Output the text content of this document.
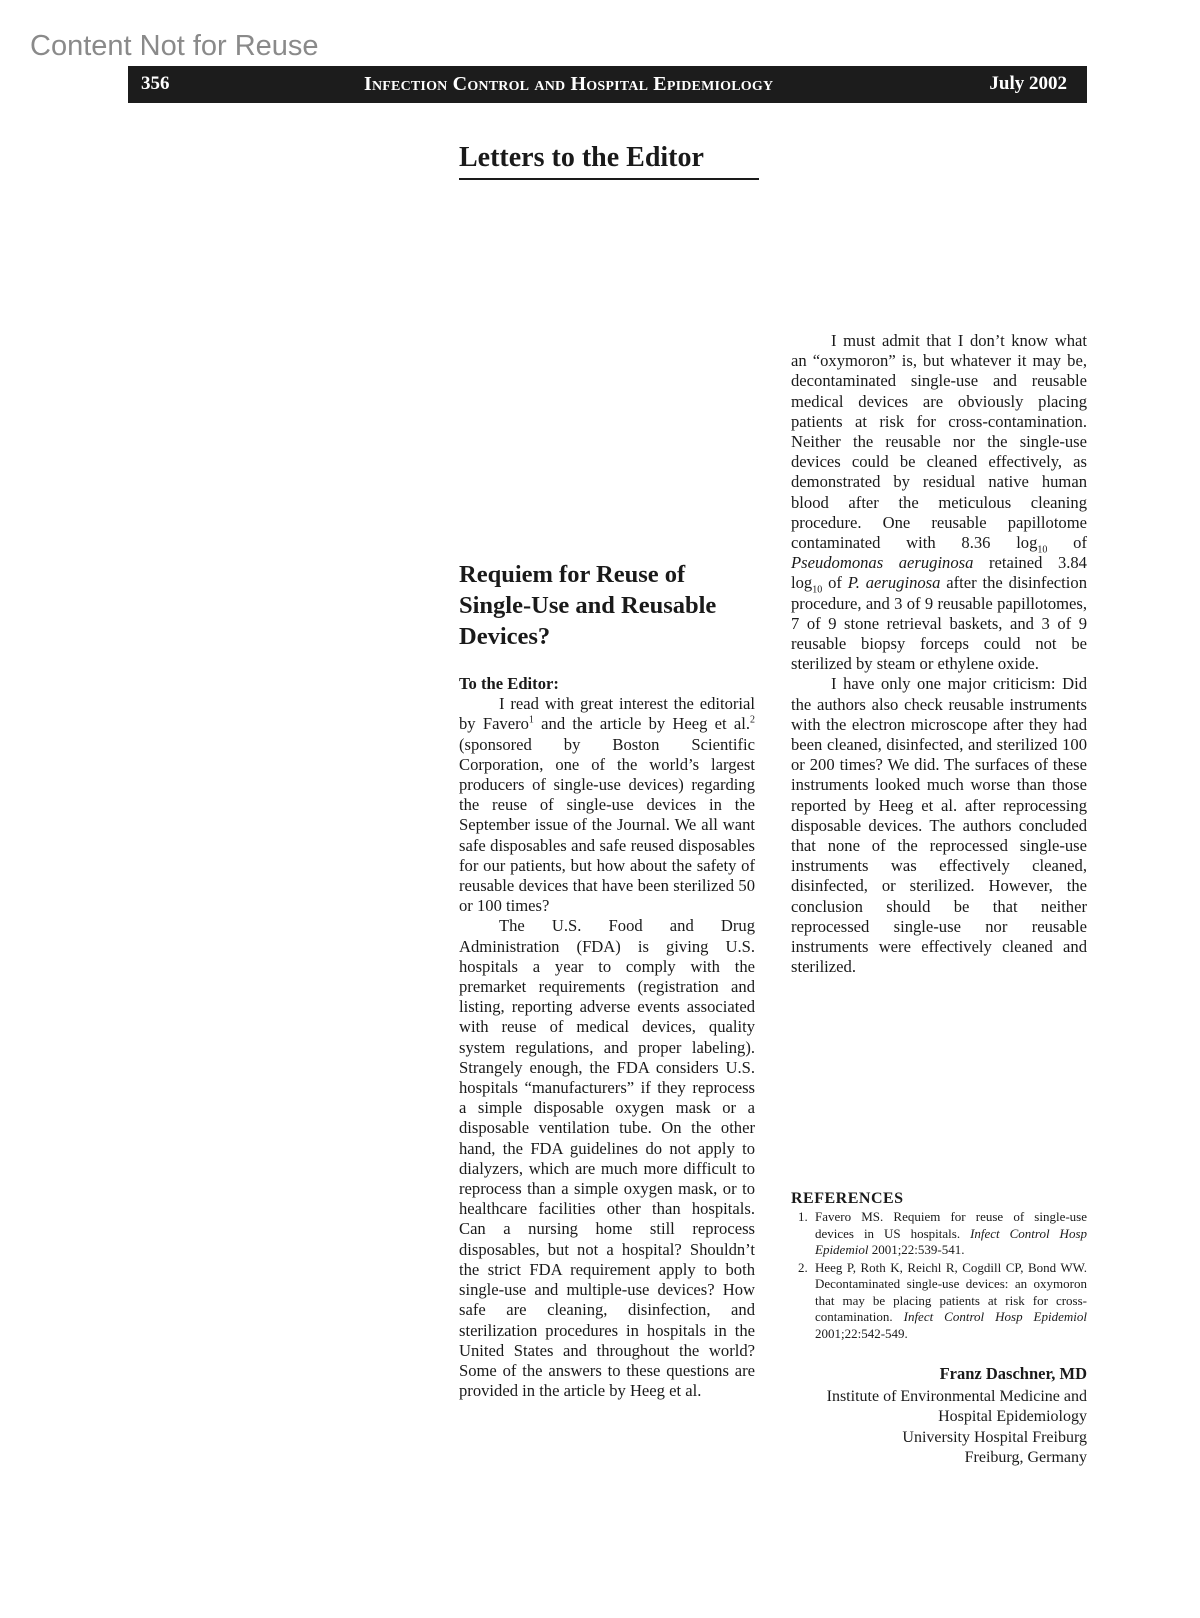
Content Not for Reuse
356	Infection Control and Hospital Epidemiology	July 2002
Letters to the Editor
Requiem for Reuse of Single-Use and Reusable Devices?

To the Editor:

I read with great interest the editorial by Favero$^1$ and the article by Heeg et al.$^2$ (sponsored by Boston Scientific Corporation, one of the world’s largest producers of single-use devices) regarding the reuse of single-use devices in the September issue of the Journal. We all want safe disposables and safe reused disposables for our patients, but how about the safety of reusable devices that have been sterilized 50 or 100 times?

The U.S. Food and Drug Administration (FDA) is giving U.S. hospitals a year to comply with the premarket requirements (registration and listing, reporting adverse events associated with reuse of medical devices, quality system regulations, and proper labeling). Strangely enough, the FDA considers U.S. hospitals “manufacturers” if they reprocess a simple disposable oxygen mask or a disposable ventilation tube. On the other hand, the FDA guidelines do not apply to dialyzers, which are much more difficult to reprocess than a simple oxygen mask, or to healthcare facilities other than hospitals. Can a nursing home still reprocess disposables, but not a hospital? Shouldn’t the strict FDA requirement apply to both single-use and multiple-use devices? How safe are cleaning, disinfection, and sterilization procedures in hospitals in the United States and throughout the world? Some of the answers to these questions are provided in the article by Heeg et al.

I must admit that I don’t know what an “oxymoron” is, but whatever it may be, decontaminated single-use and reusable medical devices are obviously placing patients at risk for cross-contamination. Neither the reusable nor the single-use devices could be cleaned effectively, as demonstrated by residual native human blood after the meticulous cleaning procedure. One reusable papillotome contaminated with 8.36 $\log_{10}$ of Pseudomonas aeruginosa retained 3.84 $\log_{10}$ of P. aeruginosa after the disinfection procedure, and 3 of 9 reusable papillotomes, 7 of 9 stone retrieval baskets, and 3 of 9 reusable biopsy forceps could not be sterilized by steam or ethylene oxide.

I have only one major criticism: Did the authors also check reusable instruments with the electron microscope after they had been cleaned, disinfected, and sterilized 100 or 200 times? We did. The surfaces of these instruments looked much worse than those reported by Heeg et al. after reprocessing disposable devices. The authors concluded that none of the reprocessed single-use instruments was effectively cleaned, disinfected, or sterilized. However, the conclusion should be that neither reprocessed single-use nor reusable instruments were effectively cleaned and sterilized.

REFERENCES
1. Favero MS. Requiem for reuse of single-use devices in US hospitals. Infect Control Hosp Epidemiol 2001;22:539-541.
2. Heeg P, Roth K, Reichl R, Cogdill CP, Bond WW. Decontaminated single-use devices: an oxymoron that may be placing patients at risk for cross-contamination. Infect Control Hosp Epidemiol 2001;22:542-549.
Franz Daschner, MD
Institute of Environmental Medicine and
Hospital Epidemiology
University Hospital Freiburg
Freiburg, Germany
